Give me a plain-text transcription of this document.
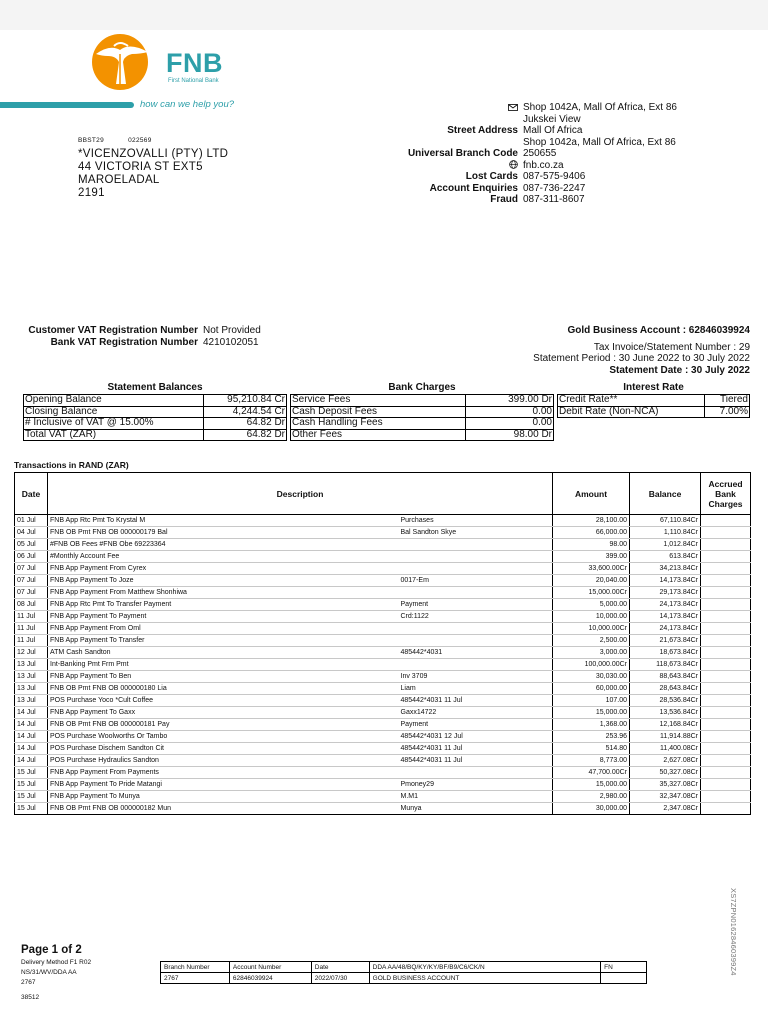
FNB
First National Bank
how can we help you?
BBST29	022569
*VICENZOVALLI (PTY) LTD
44 VICTORIA ST EXT5
MAROELADAL
2191
Shop 1042A, Mall Of Africa, Ext 86
Jukskei View
Street Address Mall Of Africa
Shop 1042a, Mall Of Africa, Ext 86
Universal Branch Code 250655
fnb.co.za
Lost Cards 087-575-9406
Account Enquiries 087-736-2247
Fraud 087-311-8607
Customer VAT Registration Number Not Provided
Bank VAT Registration Number 4210102051
Gold Business Account : 62846039924
Tax Invoice/Statement Number : 29
Statement Period : 30 June 2022 to 30 July 2022
Statement Date : 30 July 2022
Statement Balances	Bank Charges	Interest Rate
Opening Balance	95,210.84 Cr
Closing Balance	4,244.54 Cr
# Inclusive of VAT @ 15.00%	64.82 Dr
Total VAT (ZAR)	64.82 Dr
Service Fees	399.00 Dr
Cash Deposit Fees	0.00
Cash Handling Fees	0.00
Other Fees	98.00 Dr
Credit Rate**	Tiered
Debit Rate (Non-NCA)	7.00%
Transactions in RAND (ZAR)
Date	Description		Amount	Balance	Accrued Bank Charges
01 Jul	FNB App Rtc Pmt To Krystal M	Purchases	28,100.00	67,110.84Cr	
04 Jul	FNB OB Pmt FNB OB 000000179 Bal	Bal Sandton Skye	66,000.00	1,110.84Cr	
05 Jul	#FNB OB Fees #FNB Obe 69223364		98.00	1,012.84Cr	
06 Jul	#Monthly Account Fee		399.00	613.84Cr	
07 Jul	FNB App Payment From Cyrex		33,600.00Cr	34,213.84Cr	
07 Jul	FNB App Payment To Joze	0017-Em	20,040.00	14,173.84Cr	
07 Jul	FNB App Payment From Matthew Shonhiwa		15,000.00Cr	29,173.84Cr	
08 Jul	FNB App Rtc Pmt To Transfer Payment	Payment	5,000.00	24,173.84Cr	
11 Jul	FNB App Payment To Payment	Crd:1122	10,000.00	14,173.84Cr	
11 Jul	FNB App Payment From Oml		10,000.00Cr	24,173.84Cr	
11 Jul	FNB App Payment To Transfer		2,500.00	21,673.84Cr	
12 Jul	ATM Cash Sandton	485442*4031	3,000.00	18,673.84Cr	
13 Jul	Int-Banking Pmt Frm Pmt		100,000.00Cr	118,673.84Cr	
13 Jul	FNB App Payment To Ben	Inv 3709	30,030.00	88,643.84Cr	
13 Jul	FNB OB Pmt FNB OB 000000180 Lia	Liam	60,000.00	28,643.84Cr	
13 Jul	POS Purchase Yoco *Cult Coffee	485442*4031 11 Jul	107.00	28,536.84Cr	
14 Jul	FNB App Payment To Gaxx	Gaxx14722	15,000.00	13,536.84Cr	
14 Jul	FNB OB Pmt FNB OB 000000181 Pay	Payment	1,368.00	12,168.84Cr	
14 Jul	POS Purchase Woolworths Or Tambo	485442*4031 12 Jul	253.96	11,914.88Cr	
14 Jul	POS Purchase Dischem Sandton Cit	485442*4031 11 Jul	514.80	11,400.08Cr	
14 Jul	POS Purchase Hydraulics Sandton	485442*4031 11 Jul	8,773.00	2,627.08Cr	
15 Jul	FNB App Payment From Payments		47,700.00Cr	50,327.08Cr	
15 Jul	FNB App Payment To Pride Matangi	Pmoney29	15,000.00	35,327.08Cr	
15 Jul	FNB App Payment To Munya	M.M1	2,980.00	32,347.08Cr	
15 Jul	FNB OB Pmt FNB OB 000000182 Mun	Munya	30,000.00	2,347.08Cr	
XS7ZPN01628460399Z4
Page 1 of 2
Delivery Method F1 R02
NS/31/WV/DDA AA
2767
Branch Number	Account Number	Date	DDA AA/48/BQ/KY/KY/BF/B9/C6/CK/N	FN
2767	62846039924	2022/07/30	GOLD BUSINESS ACCOUNT	
38512
